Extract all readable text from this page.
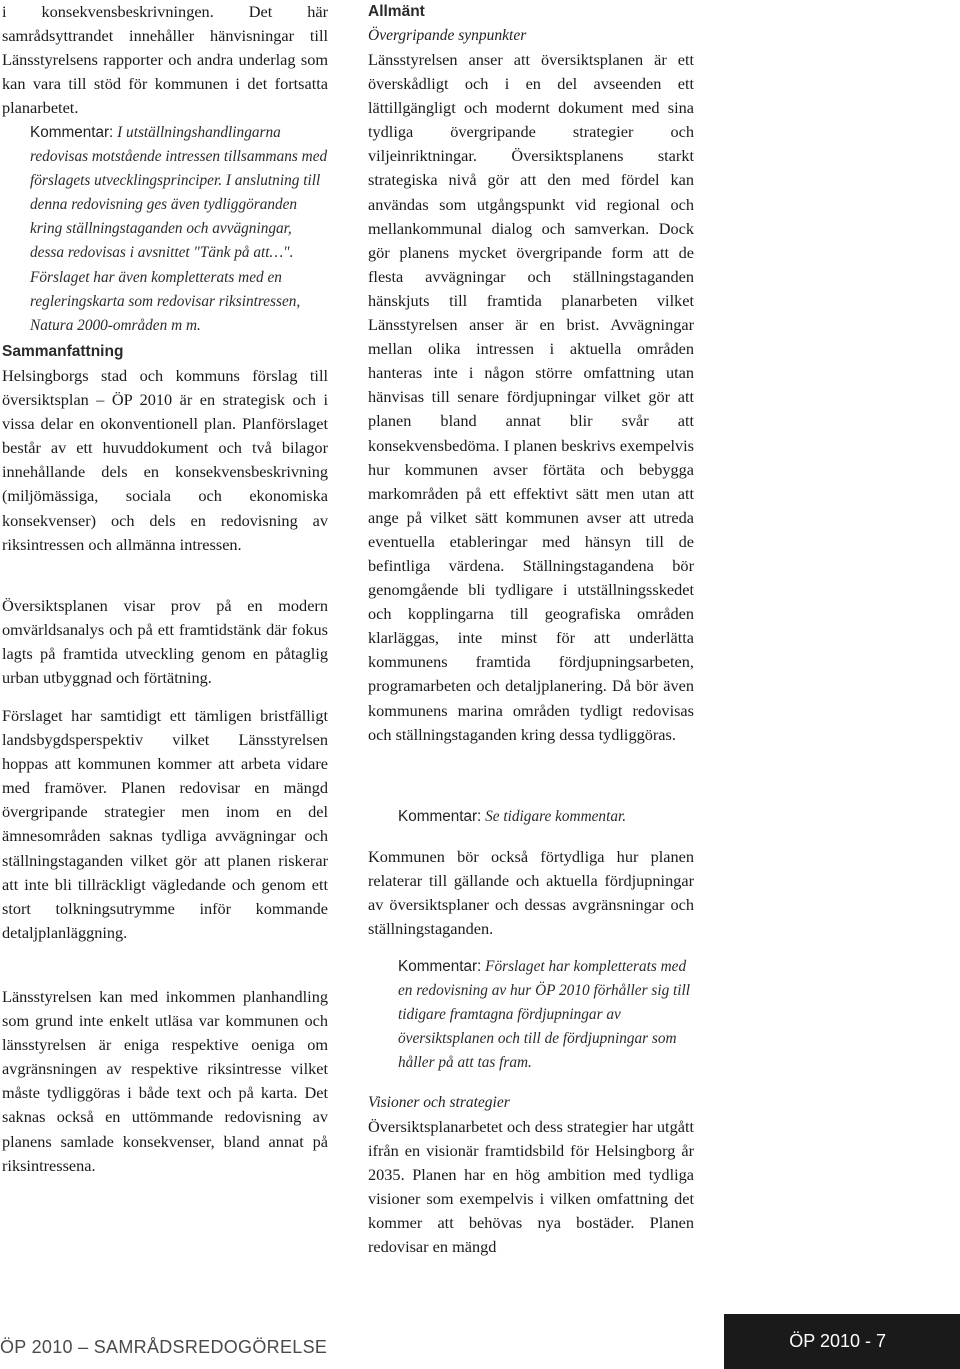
i konsekvensbeskrivningen. Det här samrådsyttrandet innehåller hänvisningar till Länsstyrelsens rapporter och andra underlag som kan vara till stöd för kommunen i det fortsatta planarbetet.

Kommentar: I utställningshandlingarna redovisas motstående intressen tillsammans med förslagets utvecklingsprinciper. I anslutning till denna redovisning ges även tydliggöranden kring ställningstaganden och avvägningar, dessa redovisas i avsnittet "Tänk på att…". Förslaget har även kompletterats med en regleringskarta som redovisar riksintressen, Natura 2000-områden m m.

Sammanfattning

Helsingborgs stad och kommuns förslag till översiktsplan – ÖP 2010 är en strategisk och i vissa delar en okonventionell plan. Planförslaget består av ett huvuddokument och två bilagor innehållande dels en konsekvensbeskrivning (miljömässiga, sociala och ekonomiska konsekvenser) och dels en redovisning av riksintressen och allmänna intressen.

Översiktsplanen visar prov på en modern omvärldsanalys och på ett framtidstänk där fokus lagts på framtida utveckling genom en påtaglig urban utbyggnad och förtätning.

Förslaget har samtidigt ett tämligen bristfälligt landsbygdsperspektiv vilket Länsstyrelsen hoppas att kommunen kommer att arbeta vidare med framöver. Planen redovisar en mängd övergripande strategier men inom en del ämnesområden saknas tydliga avvägningar och ställningstaganden vilket gör att planen riskerar att inte bli tillräckligt vägledande och genom ett stort tolkningsutrymme inför kommande detaljplanläggning.

Länsstyrelsen kan med inkommen planhandling som grund inte enkelt utläsa var kommunen och länsstyrelsen är eniga respektive oeniga om avgränsningen av respektive riksintresse vilket måste tydliggöras i både text och på karta. Det saknas också en uttömmande redovisning av planens samlade konsekvenser, bland annat på riksintressena.

Allmänt

Övergripande synpunkter

Länsstyrelsen anser att översiktsplanen är ett överskådligt och i en del avseenden ett lättillgängligt och modernt dokument med sina tydliga övergripande strategier och viljeinriktningar. Översiktsplanens starkt strategiska nivå gör att den med fördel kan användas som utgångspunkt vid regional och mellankommunal dialog och samverkan. Dock gör planens mycket övergripande form att de flesta avvägningar och ställningstaganden hänskjuts till framtida planarbeten vilket Länsstyrelsen anser är en brist. Avvägningar mellan olika intressen i aktuella områden hanteras inte i någon större omfattning utan hänvisas till senare fördjupningar vilket gör att planen bland annat blir svår att konsekvensbedöma. I planen beskrivs exempelvis hur kommunen avser förtäta och bebygga markområden på ett effektivt sätt men utan att ange på vilket sätt kommunen avser att utreda eventuella etableringar med hänsyn till de befintliga värdena. Ställningstagandena bör genomgående bli tydligare i utställningsskedet och kopplingarna till geografiska områden klarläggas, inte minst för att underlätta kommunens framtida fördjupningsarbeten, programarbeten och detaljplanering. Då bör även kommunens marina områden tydligt redovisas och ställningstaganden kring dessa tydliggöras.

Kommentar: Se tidigare kommentar.

Kommunen bör också förtydliga hur planen relaterar till gällande och aktuella fördjupningar av översiktsplaner och dessas avgränsningar och ställningstaganden.

Kommentar: Förslaget har kompletterats med en redovisning av hur ÖP 2010 förhåller sig till tidigare framtagna fördjupningar av översiktsplanen och till de fördjupningar som håller på att tas fram.

Visioner och strategier

Översiktsplanarbetet och dess strategier har utgått ifrån en visionär framtidsbild för Helsingborg år 2035. Planen har en hög ambition med tydliga visioner som exempelvis i vilken omfattning det kommer att behövas nya bostäder. Planen redovisar en mängd

ÖP 2010 – SAMRÅDSREDOGÖRELSE	ÖP 2010 - 7
